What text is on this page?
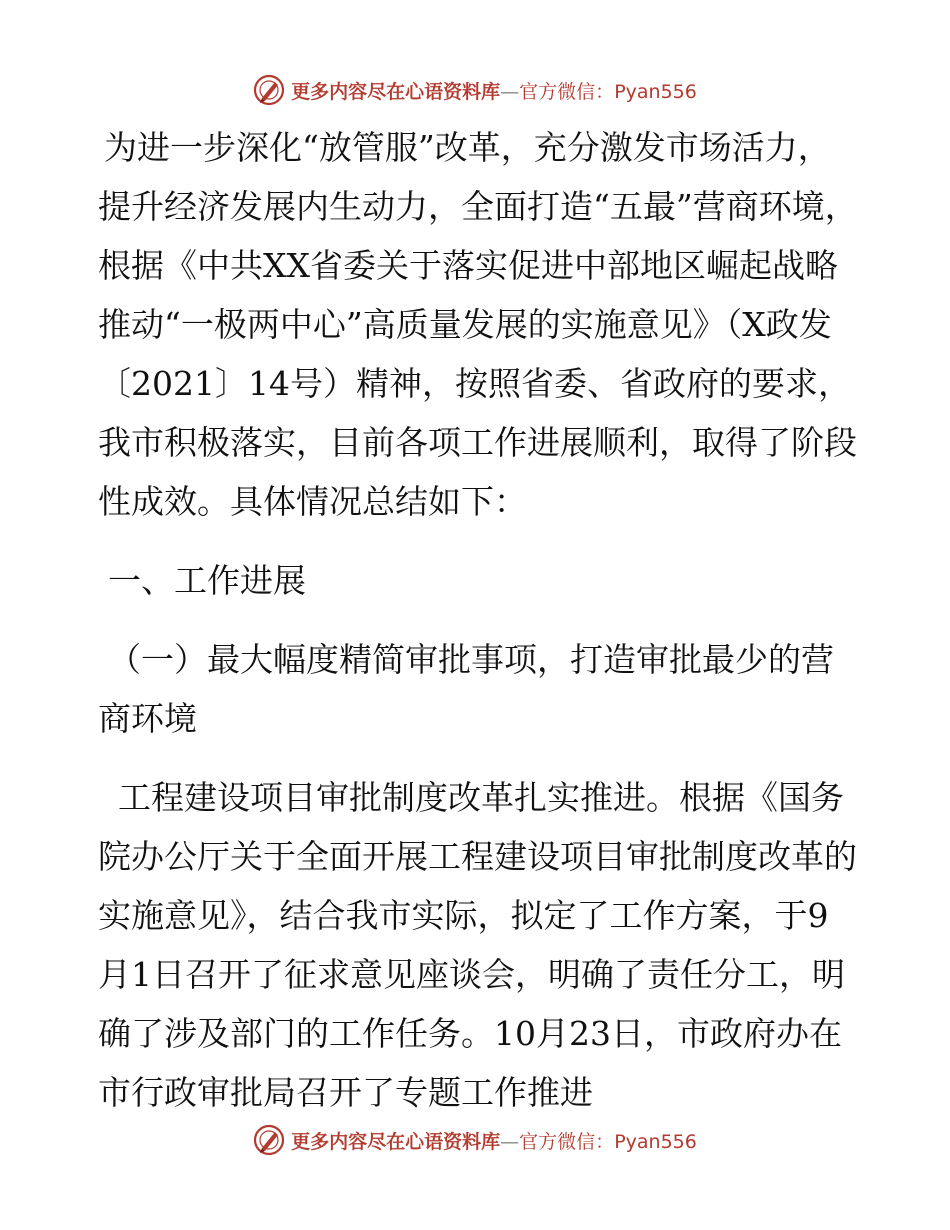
更多内容尽在心语资料库—官方微信：Pyan556

为进一步深化“放管服”改革，充分激发市场活力，提升经济发展内生动力，全面打造“五最”营商环境，根据《中共XX省委关于落实促进中部地区崛起战略推动“一极两中心”高质量发展的实施意见》（X政发〔2021〕14号）精神，按照省委、省政府的要求，我市积极落实，目前各项工作进展顺利，取得了阶段性成效。具体情况总结如下：

一、工作进展

（一）最大幅度精简审批事项，打造审批最少的营商环境

工程建设项目审批制度改革扎实推进。根据《国务院办公厅关于全面开展工程建设项目审批制度改革的实施意见》，结合我市实际，拟定了工作方案，于9月1日召开了征求意见座谈会，明确了责任分工，明确了涉及部门的工作任务。10月23日，市政府办在市行政审批局召开了专题工作推进

更多内容尽在心语资料库—官方微信：Pyan556
